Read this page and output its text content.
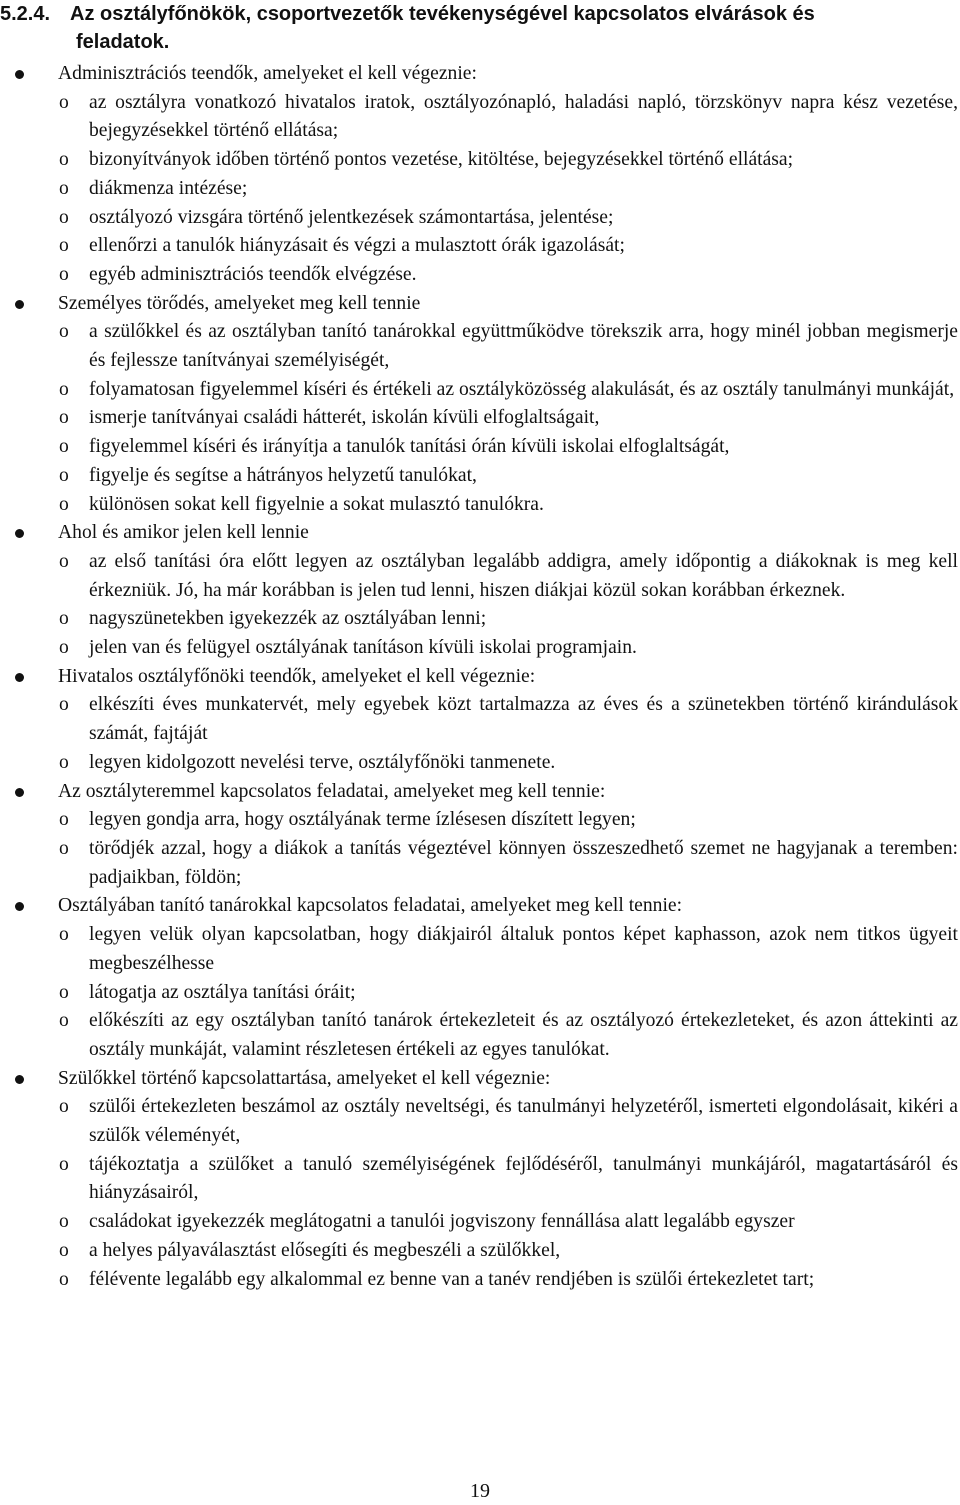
5.2.4. Az osztályfőnökök, csoportvezetők tevékenységével kapcsolatos elvárások és
feladatok.
Adminisztrációs teendők, amelyeket el kell végeznie:
o az osztályra vonatkozó hivatalos iratok, osztályozónapló, haladási napló, törzskönyv napra kész vezetése, bejegyzésekkel történő ellátása;
o bizonyítványok időben történő pontos vezetése, kitöltése, bejegyzésekkel történő ellátása;
o diákmenza intézése;
o osztályozó vizsgára történő jelentkezések számontartása, jelentése;
o ellenőrzi a tanulók hiányzásait és végzi a mulasztott órák igazolását;
o egyéb adminisztrációs teendők elvégzése.
Személyes törődés, amelyeket meg kell tennie
o a szülőkkel és az osztályban tanító tanárokkal együttműködve törekszik arra, hogy minél jobban megismerje és fejlessze tanítványai személyiségét,
o folyamatosan figyelemmel kíséri és értékeli az osztályközösség alakulását, és az osztály tanulmányi munkáját,
o ismerje tanítványai családi hátterét, iskolán kívüli elfoglaltságait,
o figyelemmel kíséri és irányítja a tanulók tanítási órán kívüli iskolai elfoglaltságát,
o figyelje és segítse a hátrányos helyzetű tanulókat,
o különösen sokat kell figyelnie a sokat mulasztó tanulókra.
Ahol és amikor jelen kell lennie
o az első tanítási óra előtt legyen az osztályban legalább addigra, amely időpontig a diákoknak is meg kell érkezniük. Jó, ha már korábban is jelen tud lenni, hiszen diákjai közül sokan korábban érkeznek.
o nagyszünetekben igyekezzék az osztályában lenni;
o jelen van és felügyel osztályának tanításon kívüli iskolai programjain.
Hivatalos osztályfőnöki teendők, amelyeket el kell végeznie:
o elkészíti éves munkatervét, mely egyebek közt tartalmazza az éves és a szünetekben történő kirándulások számát, fajtáját
o legyen kidolgozott nevelési terve, osztályfőnöki tanmenete.
Az osztályteremmel kapcsolatos feladatai, amelyeket meg kell tennie:
o legyen gondja arra, hogy osztályának terme ízlésesen díszített legyen;
o törődjék azzal, hogy a diákok a tanítás végeztével könnyen összeszedhető szemet ne hagyjanak a teremben: padjaikban, földön;
Osztályában tanító tanárokkal kapcsolatos feladatai, amelyeket meg kell tennie:
o legyen velük olyan kapcsolatban, hogy diákjairól általuk pontos képet kaphasson, azok nem titkos ügyeit megbeszélhesse
o látogatja az osztálya tanítási óráit;
o előkészíti az egy osztályban tanító tanárok értekezleteit és az osztályozó értekezleteket, és azon áttekinti az osztály munkáját, valamint részletesen értékeli az egyes tanulókat.
Szülőkkel történő kapcsolattartása, amelyeket el kell végeznie:
o szülői értekezleten beszámol az osztály neveltségi, és tanulmányi helyzetéről, ismerteti elgondolásait, kikéri a szülők véleményét,
o tájékoztatja a szülőket a tanuló személyiségének fejlődéséről, tanulmányi munkájáról, magatartásáról és hiányzásairól,
o családokat igyekezzék meglátogatni a tanulói jogviszony fennállása alatt legalább egyszer
o a helyes pályaválasztást elősegíti és megbeszéli a szülőkkel,
o félévente legalább egy alkalommal ez benne van a tanév rendjében is szülői értekezletet tart;
19
